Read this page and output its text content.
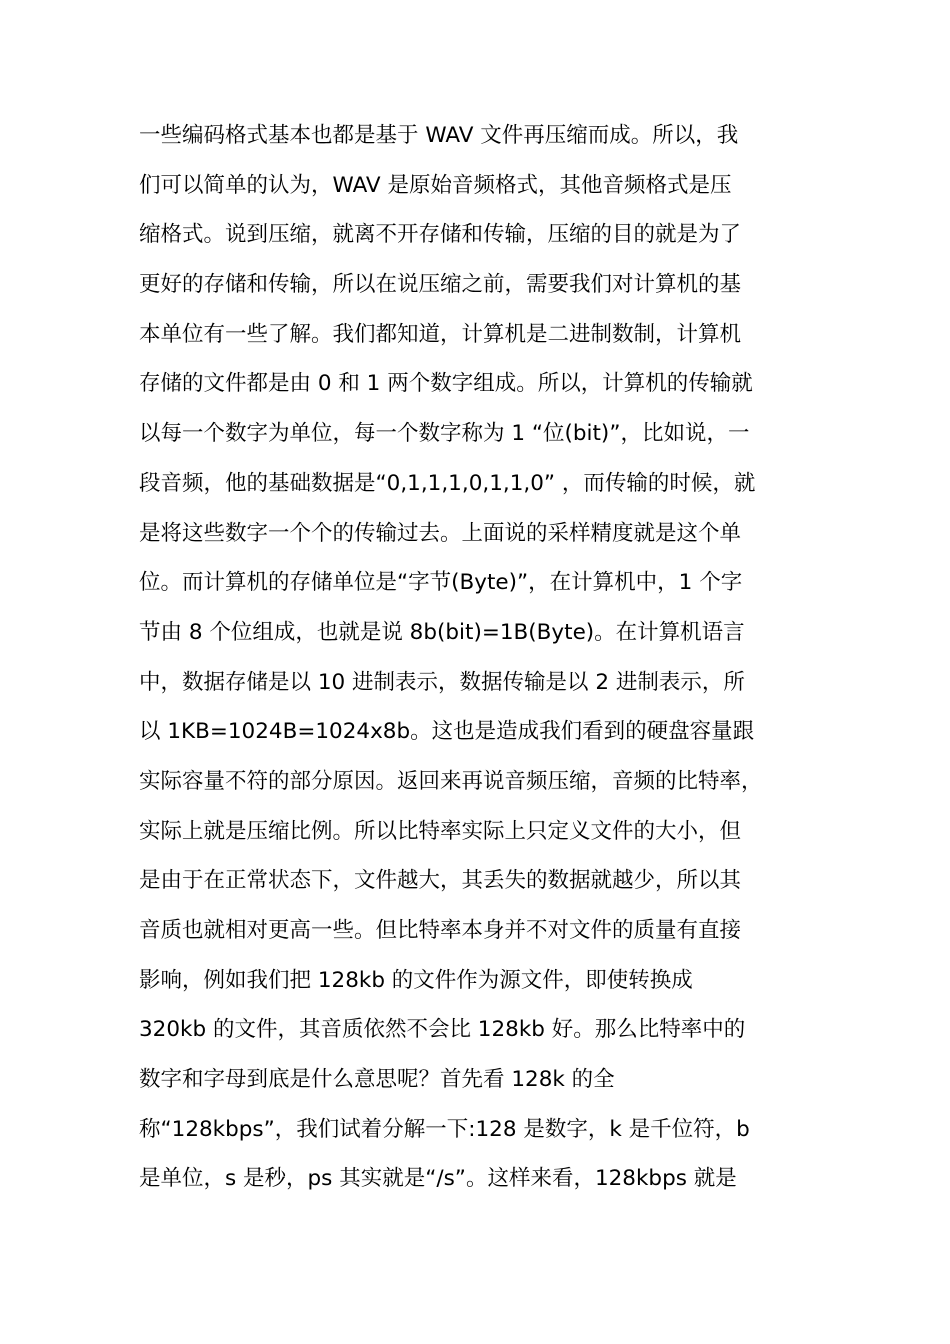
一些编码格式基本也都是基于 WAV 文件再压缩而成。所以，我
们可以简单的认为，WAV 是原始音频格式，其他音频格式是压
缩格式。说到压缩，就离不开存储和传输，压缩的目的就是为了
更好的存储和传输，所以在说压缩之前，需要我们对计算机的基
本单位有一些了解。我们都知道，计算机是二进制数制，计算机
存储的文件都是由 0 和 1 两个数字组成。所以，计算机的传输就
以每一个数字为单位，每一个数字称为 1 “位(bit)”，比如说，一
段音频，他的基础数据是“0,1,1,1,0,1,1,0” ，而传输的时候，就
是将这些数字一个个的传输过去。上面说的采样精度就是这个单
位。而计算机的存储单位是“字节(Byte)”，在计算机中，1 个字
节由 8 个位组成，也就是说 8b(bit)=1B(Byte)。在计算机语言
中，数据存储是以 10 进制表示，数据传输是以 2 进制表示，所
以 1KB=1024B=1024x8b。这也是造成我们看到的硬盘容量跟
实际容量不符的部分原因。返回来再说音频压缩，音频的比特率，
实际上就是压缩比例。所以比特率实际上只定义文件的大小，但
是由于在正常状态下，文件越大，其丢失的数据就越少，所以其
音质也就相对更高一些。但比特率本身并不对文件的质量有直接
影响，例如我们把 128kb 的文件作为源文件，即使转换成
320kb 的文件，其音质依然不会比 128kb 好。那么比特率中的
数字和字母到底是什么意思呢？首先看 128k 的全
称“128kbps”，我们试着分解一下:128 是数字，k 是千位符，b
是单位，s 是秒，ps 其实就是“/s”。这样来看，128kbps 就是
